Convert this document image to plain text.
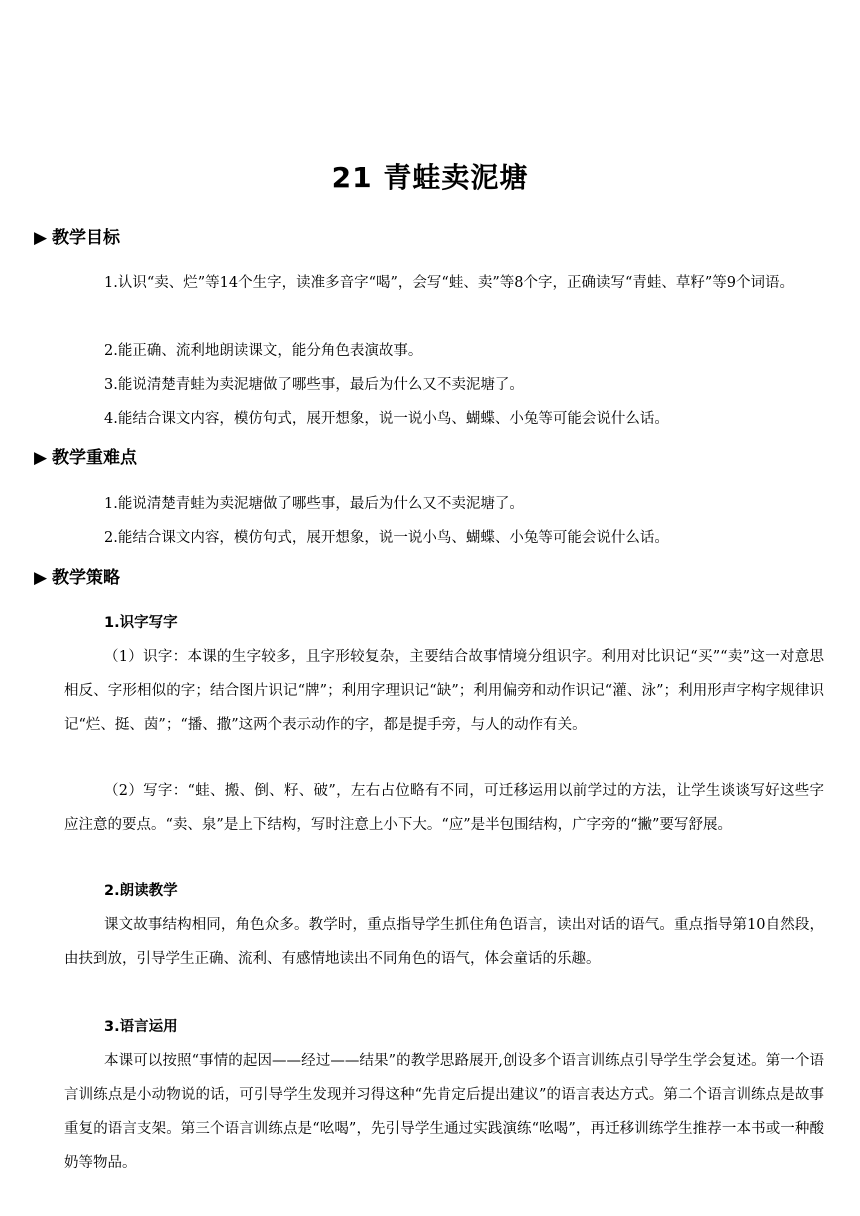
21 青蛙卖泥塘
▶ 教学目标
1.认识“卖、烂”等14个生字，读准多音字“喝”，会写“蛙、卖”等8个字，正确读写“青蛙、草籽”等9个词语。
2.能正确、流利地朗读课文，能分角色表演故事。
3.能说清楚青蛙为卖泥塘做了哪些事，最后为什么又不卖泥塘了。
4.能结合课文内容，模仿句式，展开想象，说一说小鸟、蝴蝶、小兔等可能会说什么话。
▶ 教学重难点
1.能说清楚青蛙为卖泥塘做了哪些事，最后为什么又不卖泥塘了。
2.能结合课文内容，模仿句式，展开想象，说一说小鸟、蝴蝶、小兔等可能会说什么话。
▶ 教学策略
1.识字写字
（1）识字：本课的生字较多，且字形较复杂，主要结合故事情境分组识字。利用对比识记“买”“卖”这一对意思相反、字形相似的字；结合图片识记“牌”；利用字理识记“缺”；利用偏旁和动作识记“灌、泳”；利用形声字构字规律识记“烂、挺、茵”；“播、撒”这两个表示动作的字，都是提手旁，与人的动作有关。
（2）写字：“蛙、搬、倒、籽、破”，左右占位略有不同，可迁移运用以前学过的方法，让学生谈谈写好这些字应注意的要点。“卖、泉”是上下结构，写时注意上小下大。“应”是半包围结构，广字旁的“撇”要写舒展。
2.朗读教学
课文故事结构相同，角色众多。教学时，重点指导学生抓住角色语言，读出对话的语气。重点指导第10自然段，由扶到放，引导学生正确、流利、有感情地读出不同角色的语气，体会童话的乐趣。
3.语言运用
本课可以按照“事情的起因——经过——结果”的教学思路展开,创设多个语言训练点引导学生学会复述。第一个语言训练点是小动物说的话，可引导学生发现并习得这种“先肯定后提出建议”的语言表达方式。第二个语言训练点是故事重复的语言支架。第三个语言训练点是“吆喝”，先引导学生通过实践演练“吆喝”，再迁移训练学生推荐一本书或一种酸奶等物品。
